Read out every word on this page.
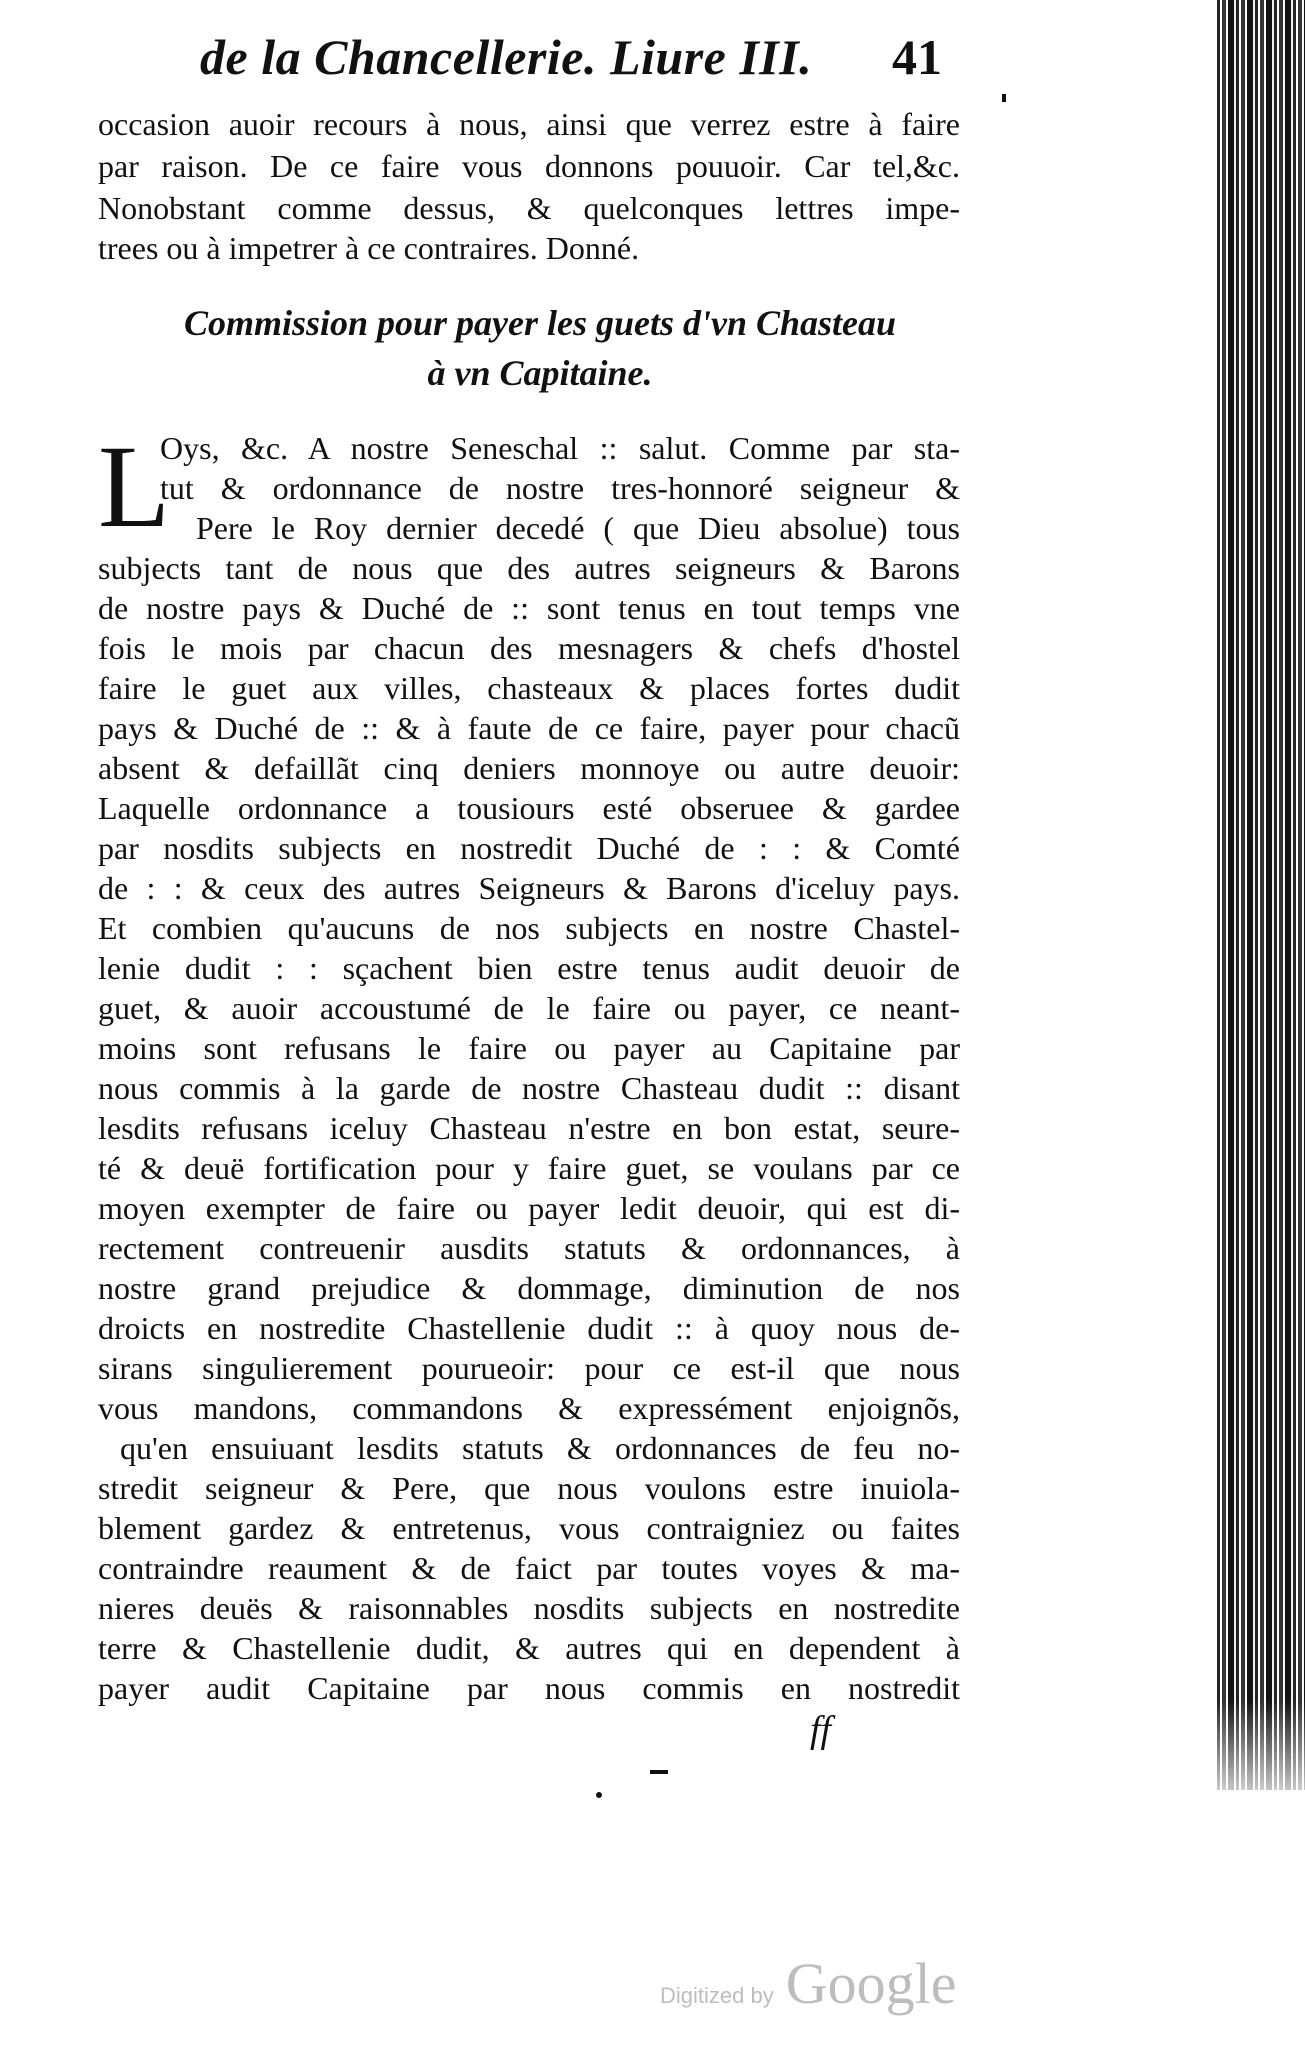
de la Chancellerie. Liure III. 41
occasion auoir recours à nous, ainsi que verrez estre à faire
par raison. De ce faire vous donnons pouuoir. Car tel,&c.
Nonobstant comme dessus, & quelconques lettres impe-
trees ou à impetrer à ce contraires. Donné.
Commission pour payer les guets d'vn Chasteau
à vn Capitaine.
L
Oys, &c. A nostre Seneschal :: salut. Comme par sta-
tut & ordonnance de nostre tres-honnoré seigneur &
Pere le Roy dernier decedé ( que Dieu absolue) tous
subjects tant de nous que des autres seigneurs & Barons
de nostre pays & Duché de :: sont tenus en tout temps vne
fois le mois par chacun des mesnagers & chefs d'hostel
faire le guet aux villes, chasteaux & places fortes dudit
pays & Duché de :: & à faute de ce faire, payer pour chacũ
absent & defaillãt cinq deniers monnoye ou autre deuoir:
Laquelle ordonnance a tousiours esté obseruee & gardee
par nosdits subjects en nostredit Duché de : : & Comté
de : : & ceux des autres Seigneurs & Barons d'iceluy pays.
Et combien qu'aucuns de nos subjects en nostre Chastel-
lenie dudit : : sçachent bien estre tenus audit deuoir de
guet, & auoir accoustumé de le faire ou payer, ce neant-
moins sont refusans le faire ou payer au Capitaine par
nous commis à la garde de nostre Chasteau dudit :: disant
lesdits refusans iceluy Chasteau n'estre en bon estat, seure-
té & deuë fortification pour y faire guet, se voulans par ce
moyen exempter de faire ou payer ledit deuoir, qui est di-
rectement contreuenir ausdits statuts & ordonnances, à
nostre grand prejudice & dommage, diminution de nos
droicts en nostredite Chastellenie dudit :: à quoy nous de-
sirans singulierement pourueoir: pour ce est-il que nous
vous mandons, commandons & expressément enjoignõs,
qu'en ensuiuant lesdits statuts & ordonnances de feu no-
stredit seigneur & Pere, que nous voulons estre inuiola-
blement gardez & entretenus, vous contraigniez ou faites
contraindre reaument & de faict par toutes voyes & ma-
nieres deuës & raisonnables nosdits subjects en nostredite
terre & Chastellenie dudit, & autres qui en dependent à
payer audit Capitaine par nous commis en nostredit
ff
Digitized by Google
